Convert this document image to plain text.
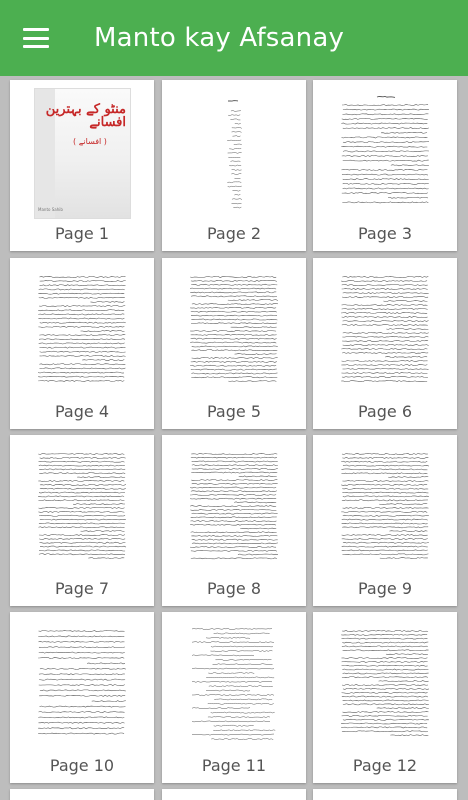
Manto kay Afsanay
منٹو کے بہترین افسانے
( افسانے )
Manto Sahib
Page 1	Page 2	Page 3
Page 4	Page 5	Page 6
Page 7	Page 8	Page 9
Page 10	Page 11	Page 12
